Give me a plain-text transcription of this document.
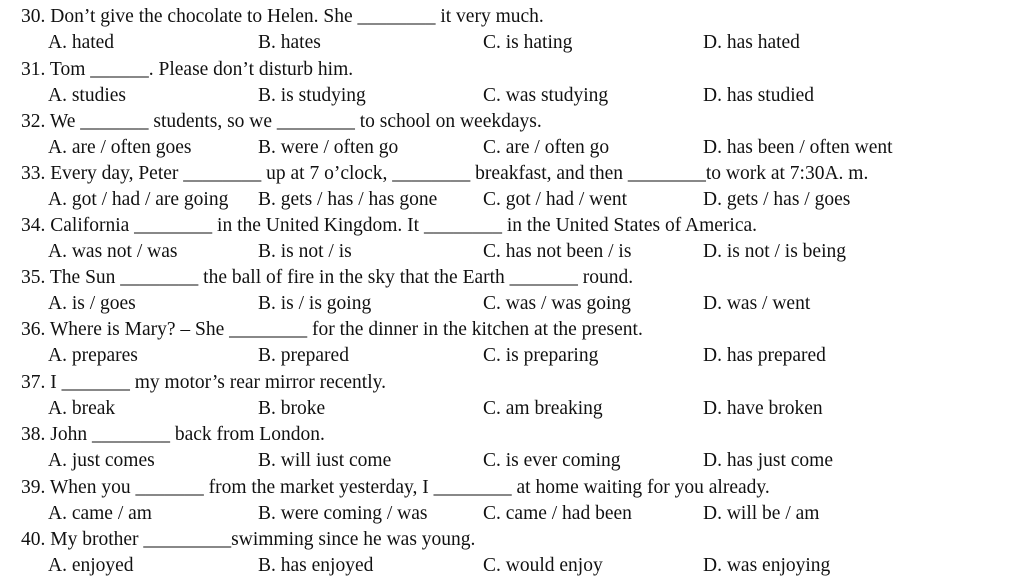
30. Don’t give the chocolate to Helen. She ________ it very much.
A. hated	B. hates	C. is hating	D. has hated
31. Tom ______. Please don’t disturb him.
A. studies	B. is studying	C. was studying	D. has studied
32. We _______ students, so we ________ to school on weekdays.
A. are / often goes	B. were / often go	C. are / often go	D. has been / often went
33. Every day, Peter ________ up at 7 o’clock, ________ breakfast, and then ________to work at 7:30A. m.
A. got / had / are going B. gets / has / has gone C. got / had / went	D. gets / has / goes
34. California ________ in the United Kingdom. It ________ in the United States of America.
A. was not / was	B. is not / is	C. has not been / is	D. is not / is being
35. The Sun ________ the ball of fire in the sky that the Earth _______ round.
A. is / goes	B. is / is going	C. was / was going	D. was / went
36. Where is Mary? – She ________ for the dinner in the kitchen at the present.
A. prepares	B. prepared	C. is preparing	D. has prepared
37. I _______ my motor’s rear mirror recently.
A. break	B. broke	C. am breaking	D. have broken
38. John ________ back from London.
A. just comes	B. will iust come	C. is ever coming	D. has just come
39. When you _______ from the market yesterday, I ________ at home waiting for you already.
A. came / am	B. were coming / was	C. came / had been	D. will be / am
40. My brother _________swimming since he was young.
A. enjoyed	B. has enjoyed	C. would enjoy	D. was enjoying
